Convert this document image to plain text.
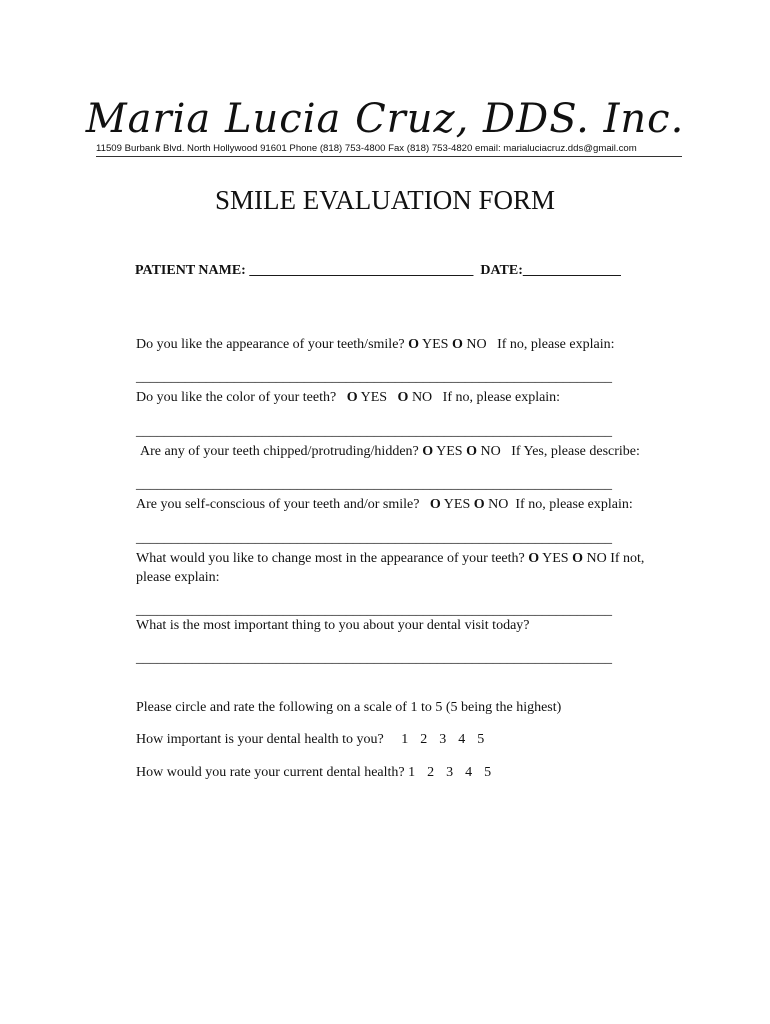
Maria Lucia Cruz, DDS. Inc.
11509 Burbank Blvd. North Hollywood 91601 Phone (818) 753-4800 Fax (818) 753-4820 email: marialuciacruz.dds@gmail.com
SMILE EVALUATION FORM
PATIENT NAME: ________________________________ DATE:______________
Do you like the appearance of your teeth/smile? O YES O NO If no, please explain:
____________________________________________________________________
Do you like the color of your teeth? O YES O NO If no, please explain:
____________________________________________________________________
Are any of your teeth chipped/protruding/hidden? O YES O NO If Yes, please describe:
____________________________________________________________________
Are you self-conscious of your teeth and/or smile? O YES O NO If no, please explain:
____________________________________________________________________
What would you like to change most in the appearance of your teeth? O YES O NO If not,
please explain:
____________________________________________________________________
What is the most important thing to you about your dental visit today?
____________________________________________________________________
Please circle and rate the following on a scale of 1 to 5 (5 being the highest)
How important is your dental health to you? 1 2 3 4 5
How would you rate your current dental health? 1 2 3 4 5
